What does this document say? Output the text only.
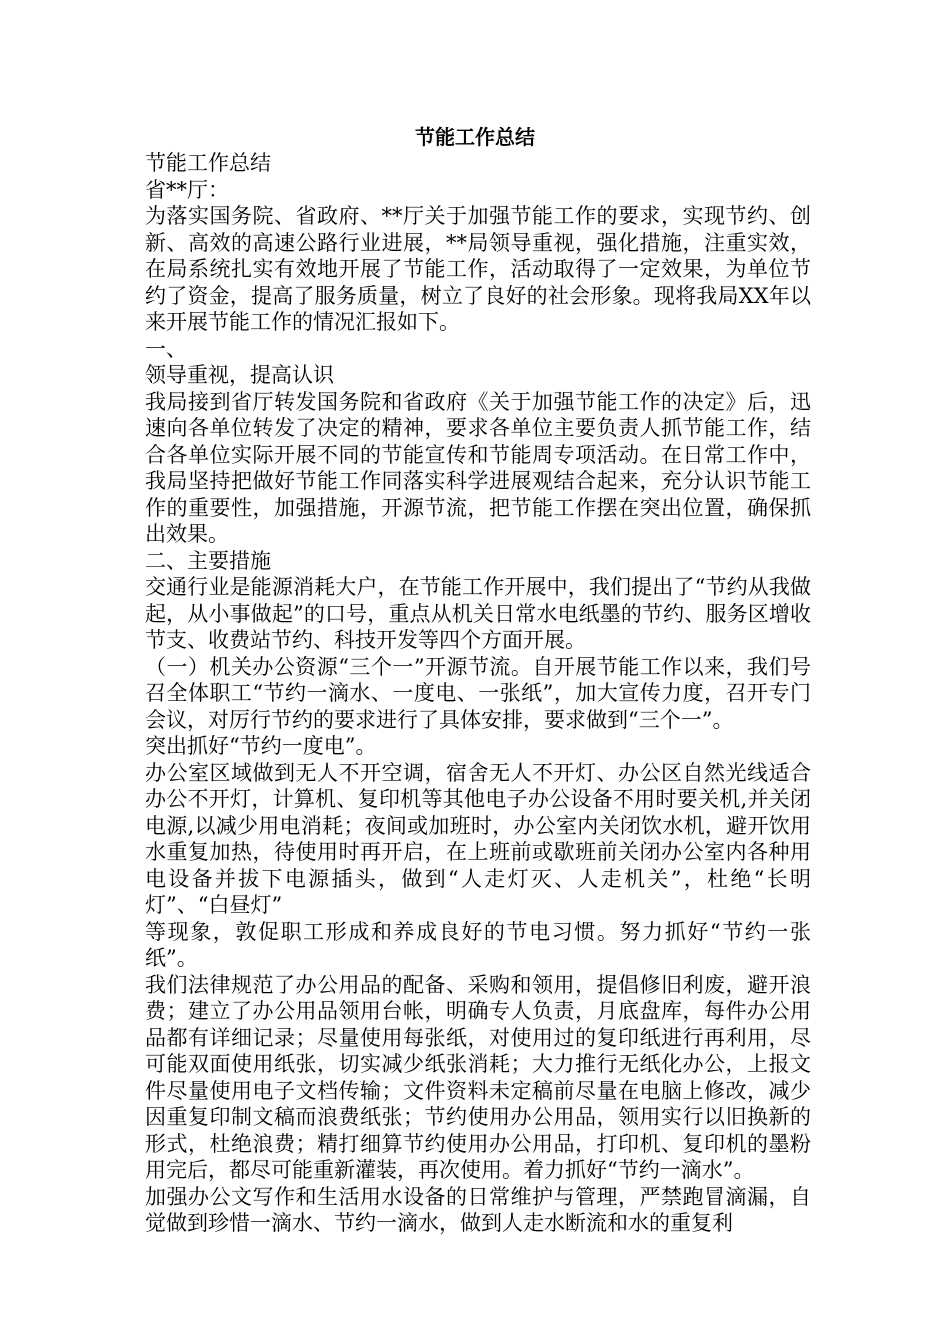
节能工作总结

节能工作总结

省**厅：

为落实国务院、省政府、**厅关于加强节能工作的要求，实现节约、创新、高效的高速公路行业进展，**局领导重视，强化措施，注重实效，在局系统扎实有效地开展了节能工作，活动取得了一定效果，为单位节约了资金，提高了服务质量，树立了良好的社会形象。现将我局XX年以来开展节能工作的情况汇报如下。

一、

领导重视，提高认识

我局接到省厅转发国务院和省政府《关于加强节能工作的决定》后，迅速向各单位转发了决定的精神，要求各单位主要负责人抓节能工作，结合各单位实际开展不同的节能宣传和节能周专项活动。在日常工作中，我局坚持把做好节能工作同落实科学进展观结合起来，充分认识节能工作的重要性，加强措施，开源节流，把节能工作摆在突出位置，确保抓出效果。

二、主要措施

交通行业是能源消耗大户，在节能工作开展中，我们提出了“节约从我做起，从小事做起”的口号，重点从机关日常水电纸墨的节约、服务区增收节支、收费站节约、科技开发等四个方面开展。

（一）机关办公资源“三个一”开源节流。自开展节能工作以来，我们号召全体职工“节约一滴水、一度电、一张纸”，加大宣传力度，召开专门会议，对厉行节约的要求进行了具体安排，要求做到“三个一”。

突出抓好“节约一度电”。

办公室区域做到无人不开空调，宿舍无人不开灯、办公区自然光线适合办公不开灯，计算机、复印机等其他电子办公设备不用时要关机,并关闭电源,以减少用电消耗；夜间或加班时，办公室内关闭饮水机，避开饮用水重复加热，待使用时再开启，在上班前或歇班前关闭办公室内各种用电设备并拔下电源插头，做到“人走灯灭、人走机关”，杜绝“长明灯”、“白昼灯”

等现象，敦促职工形成和养成良好的节电习惯。努力抓好“节约一张纸”。

我们法律规范了办公用品的配备、采购和领用，提倡修旧利废，避开浪费；建立了办公用品领用台帐，明确专人负责，月底盘库，每件办公用品都有详细记录；尽量使用每张纸，对使用过的复印纸进行再利用，尽可能双面使用纸张，切实减少纸张消耗；大力推行无纸化办公，上报文件尽量使用电子文档传输；文件资料未定稿前尽量在电脑上修改，减少因重复印制文稿而浪费纸张；节约使用办公用品，领用实行以旧换新的形式，杜绝浪费；精打细算节约使用办公用品，打印机、复印机的墨粉用完后，都尽可能重新灌装，再次使用。着力抓好“节约一滴水”。

加强办公文写作和生活用水设备的日常维护与管理，严禁跑冒滴漏，自觉做到珍惜一滴水、节约一滴水，做到人走水断流和水的重复利
